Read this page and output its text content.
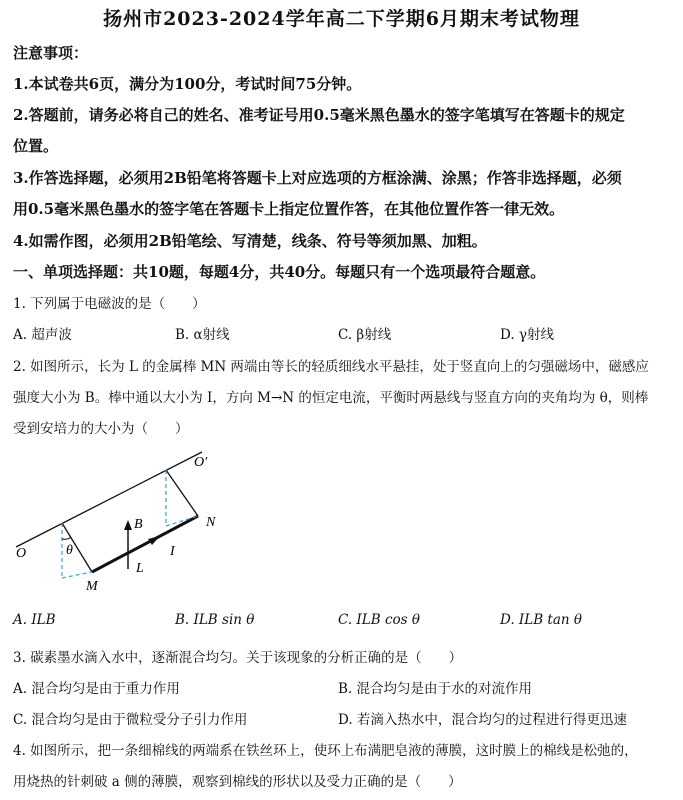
扬州市2023-2024学年高二下学期6月期末考试物理
注意事项：
1.本试卷共6页，满分为100分，考试时间75分钟。
2.答题前，请务必将自己的姓名、准考证号用0.5毫米黑色墨水的签字笔填写在答题卡的规定
位置。
3.作答选择题，必须用2B铅笔将答题卡上对应选项的方框涂满、涂黑；作答非选择题，必须
用0.5毫米黑色墨水的签字笔在答题卡上指定位置作答，在其他位置作答一律无效。
4.如需作图，必须用2B铅笔绘、写清楚，线条、符号等须加黑、加粗。
一、单项选择题：共10题，每题4分，共40分。每题只有一个选项最符合题意。
1. 下列属于电磁波的是（　　）
A. 超声波	B. α射线	C. β射线	D. γ射线
2. 如图所示，长为 L 的金属棒 MN 两端由等长的轻质细线水平悬挂，处于竖直向上的匀强磁场中，磁感应
强度大小为 B。棒中通以大小为 I，方向 M→N 的恒定电流，平衡时两悬线与竖直方向的夹角均为 θ，则棒
受到安培力的大小为（　　）
O′
O	θ
B	N
I
L
M
A. ILB	B. ILB sin θ	C. ILB cos θ	D. ILB tan θ
3. 碳素墨水滴入水中，逐渐混合均匀。关于该现象的分析正确的是（　　）
A. 混合均匀是由于重力作用	B. 混合均匀是由于水的对流作用
C. 混合均匀是由于微粒受分子引力作用	D. 若滴入热水中，混合均匀的过程进行得更迅速
4. 如图所示，把一条细棉线的两端系在铁丝环上，使环上布满肥皂液的薄膜，这时膜上的棉线是松弛的，
用烧热的针刺破 a 侧的薄膜，观察到棉线的形状以及受力正确的是（　　）
